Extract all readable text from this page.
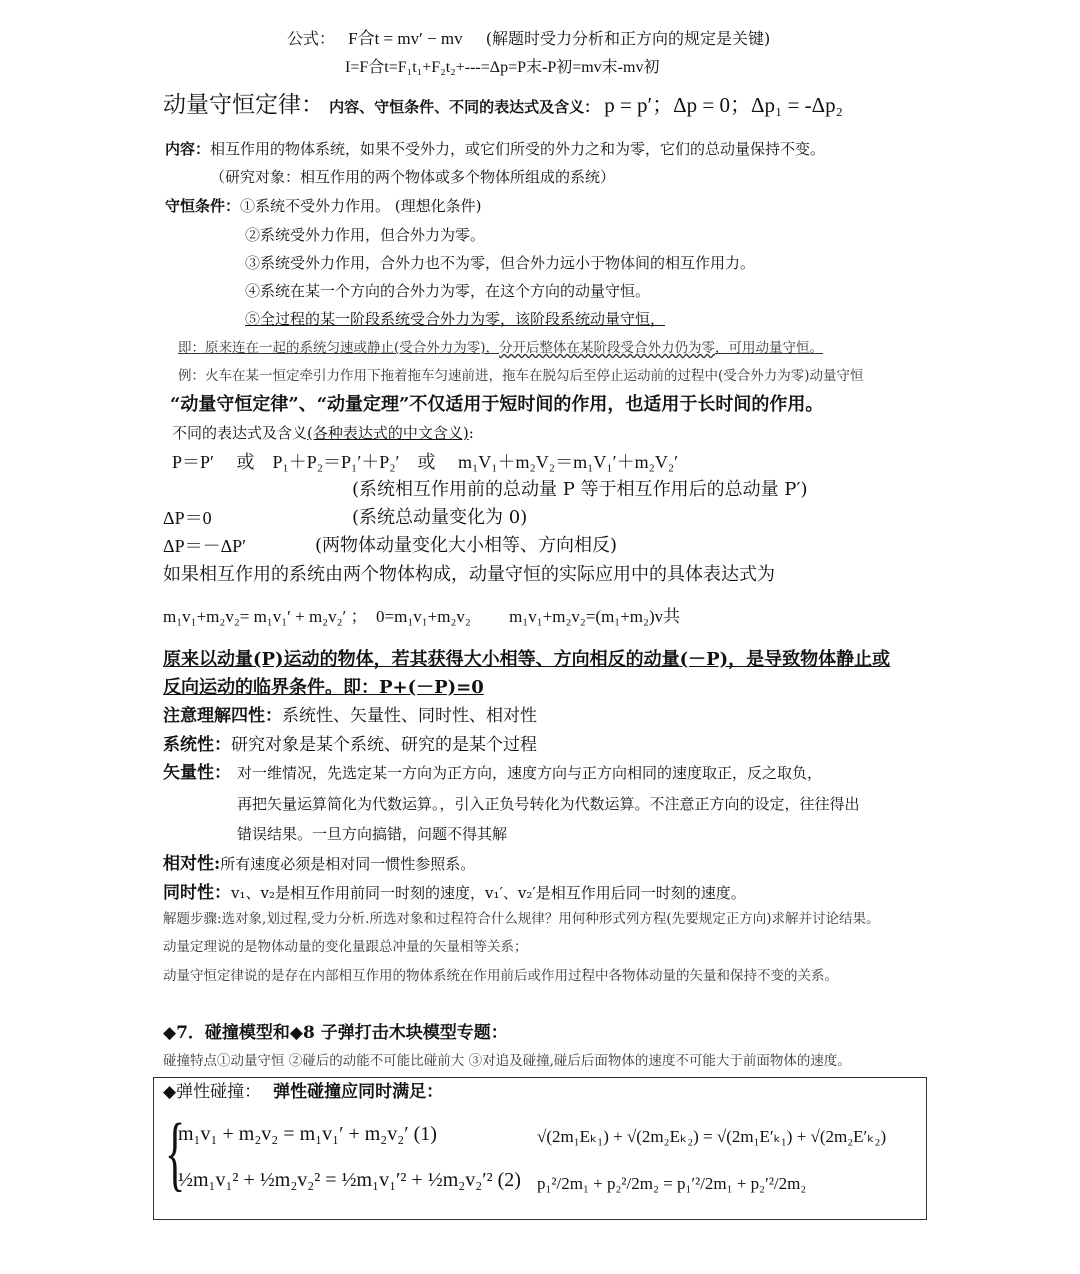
公式： F合t = mv′ − mv (解题时受力分析和正方向的规定是关键)
I=F合t=F₁t₁+F₂t₂+---=Δp=P末-P初=mv末-mv初
动量守恒定律： 内容、守恒条件、不同的表达式及含义： p = p′；Δp = 0；Δp₁ = -Δp₂
内容：相互作用的物体系统，如果不受外力，或它们所受的外力之和为零，它们的总动量保持不变。
（研究对象：相互作用的两个物体或多个物体所组成的系统）
守恒条件：①系统不受外力作用。 (理想化条件)
②系统受外力作用，但合外力为零。
③系统受外力作用，合外力也不为零，但合外力远小于物体间的相互作用力。
④系统在某一个方向的合外力为零，在这个方向的动量守恒。
⑤全过程的某一阶段系统受合外力为零，该阶段系统动量守恒，
即：原来连在一起的系统匀速或静止(受合外力为零)，分开后整体在某阶段受合外力仍为零，可用动量守恒。
例：火车在某一恒定牵引力作用下拖着拖车匀速前进，拖车在脱勾后至停止运动前的过程中(受合外力为零)动量守恒
“动量守恒定律”、“动量定理”不仅适用于短时间的作用，也适用于长时间的作用。
不同的表达式及含义(各种表达式的中文含义):
P＝P′　 或　P₁＋P₂＝P₁′＋P₂′　或　 m₁V₁＋m₂V₂＝m₁V₁′＋m₂V₂′
(系统相互作用前的总动量 P 等于相互作用后的总动量 P′)
ΔP＝0	(系统总动量变化为 0)
ΔP＝－ΔP′	(两物体动量变化大小相等、方向相反)
如果相互作用的系统由两个物体构成，动量守恒的实际应用中的具体表达式为
m₁v₁+m₂v₂= m₁v₁′ + m₂v₂′ ；　0=m₁v₁+m₂v₂　　 m₁v₁+m₂v₂=(m₁+m₂)v共
原来以动量(P)运动的物体，若其获得大小相等、方向相反的动量(－P)，是导致物体静止或
反向运动的临界条件。即：P+(－P)=0
注意理解四性：系统性、矢量性、同时性、相对性
系统性：研究对象是某个系统、研究的是某个过程
矢量性： 对一维情况，先选定某一方向为正方向，速度方向与正方向相同的速度取正，反之取负，
再把矢量运算简化为代数运算。，引入正负号转化为代数运算。不注意正方向的设定，往往得出
错误结果。一旦方向搞错，问题不得其解
相对性:所有速度必须是相对同一惯性参照系。
同时性：v₁、v₂是相互作用前同一时刻的速度，v₁′、v₂′是相互作用后同一时刻的速度。
解题步骤:选对象,划过程,受力分析.所选对象和过程符合什么规律？用何种形式列方程(先要规定正方向)求解并讨论结果。
动量定理说的是物体动量的变化量跟总冲量的矢量相等关系；
动量守恒定律说的是存在内部相互作用的物体系统在作用前后或作用过程中各物体动量的矢量和保持不变的关系。
◆7．碰撞模型和◆8 子弹打击木块模型专题：
碰撞特点①动量守恒 ②碰后的动能不可能比碰前大 ③对追及碰撞,碰后后面物体的速度不可能大于前面物体的速度。
◆弹性碰撞： 弹性碰撞应同时满足：
{
m₁v₁ + m₂v₂ = m₁v₁′ + m₂v₂′ (1)
½m₁v₁² + ½m₂v₂² = ½m₁v₁′² + ½m₂v₂′² (2)
√(2m₁Eₖ₁) + √(2m₂Eₖ₂) = √(2m₁E′ₖ₁) + √(2m₂E′ₖ₂)
p₁²/2m₁ + p₂²/2m₂ = p₁′²/2m₁ + p₂′²/2m₂
